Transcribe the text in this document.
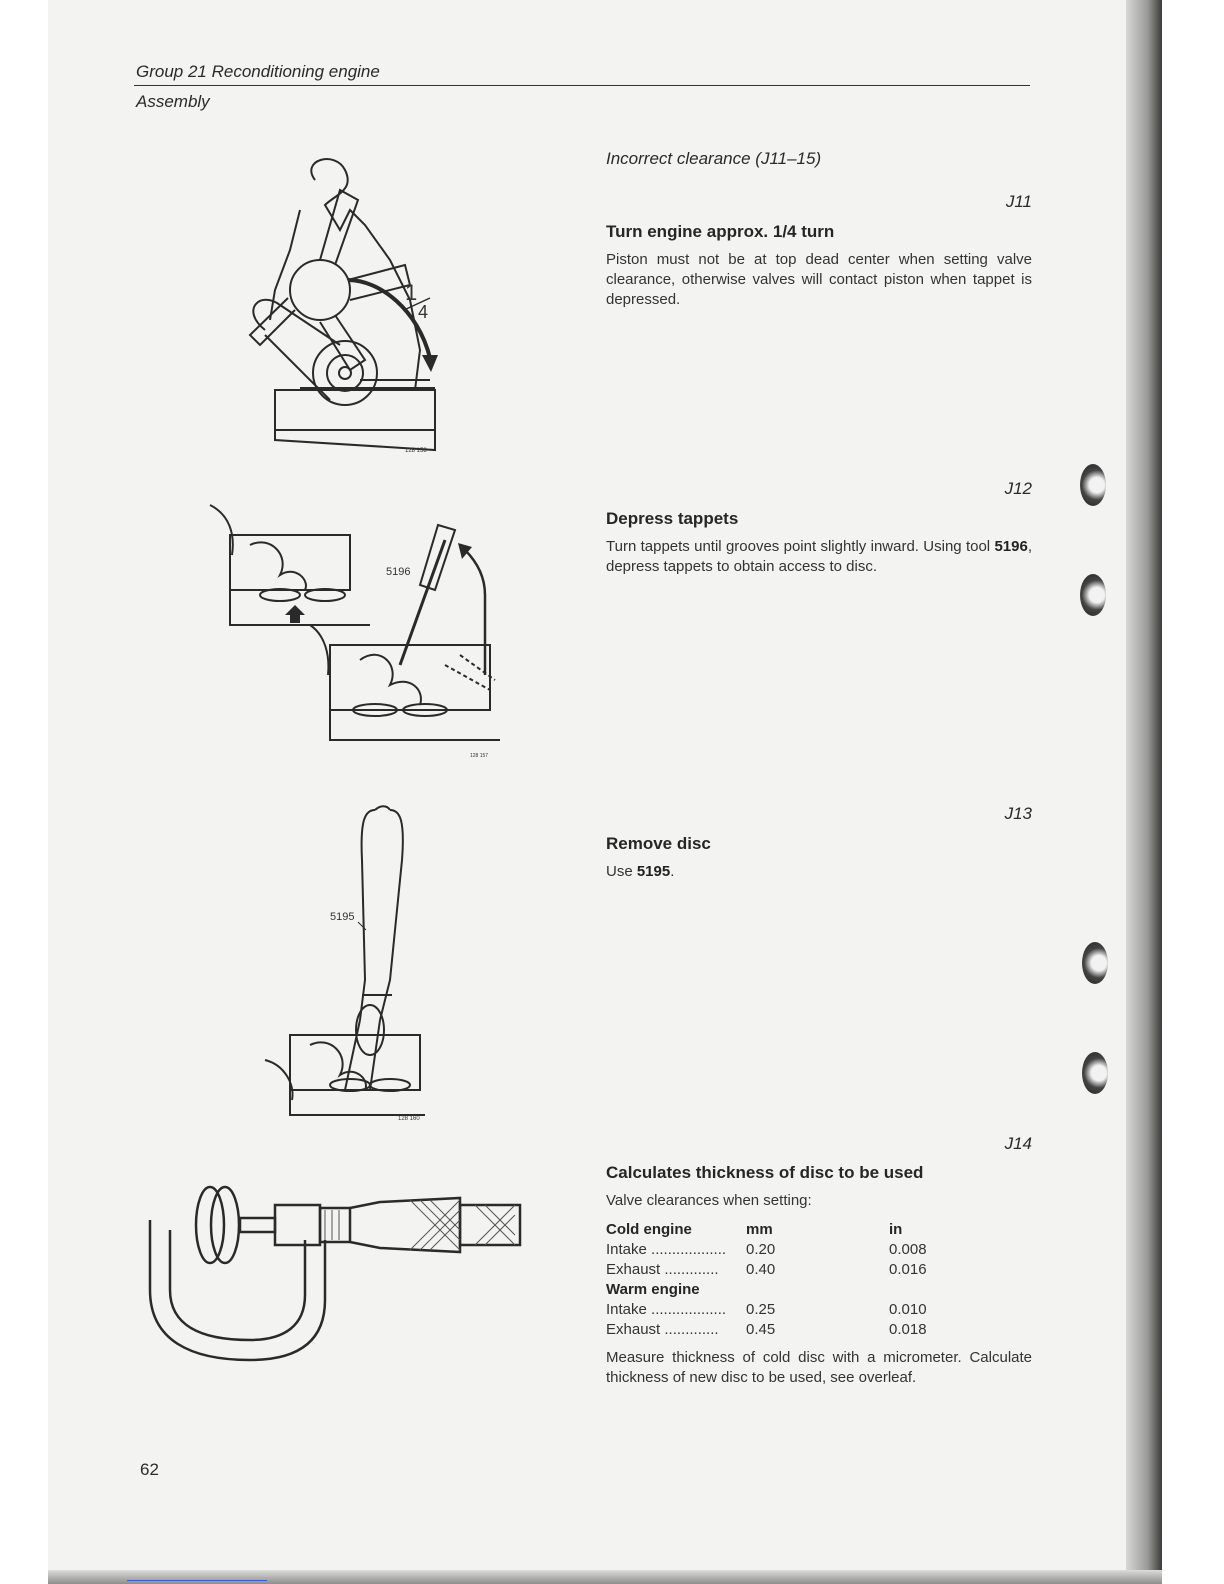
Group 21 Reconditioning engine
Assembly
Incorrect clearance (J11–15)
J11
Turn engine approx. 1/4 turn
Piston must not be at top dead center when setting valve clearance, otherwise valves will contact piston when tappet is depressed.
J12
Depress tappets
Turn tappets until grooves point slightly inward. Using tool 5196, depress tappets to obtain access to disc.
J13
Remove disc
Use 5195.
J14
Calculates thickness of disc to be used
Valve clearances when setting:
Cold engine	mm	in
Intake .................. 0.20	0.008
Exhaust ............. 0.40	0.016
Warm engine
Intake .................. 0.25	0.010
Exhaust ............. 0.45	0.018
Measure thickness of cold disc with a micrometer. Calculate thickness of new disc to be used, see overleaf.
62
1
4
128 158
5196
128 157
5195
128 160
